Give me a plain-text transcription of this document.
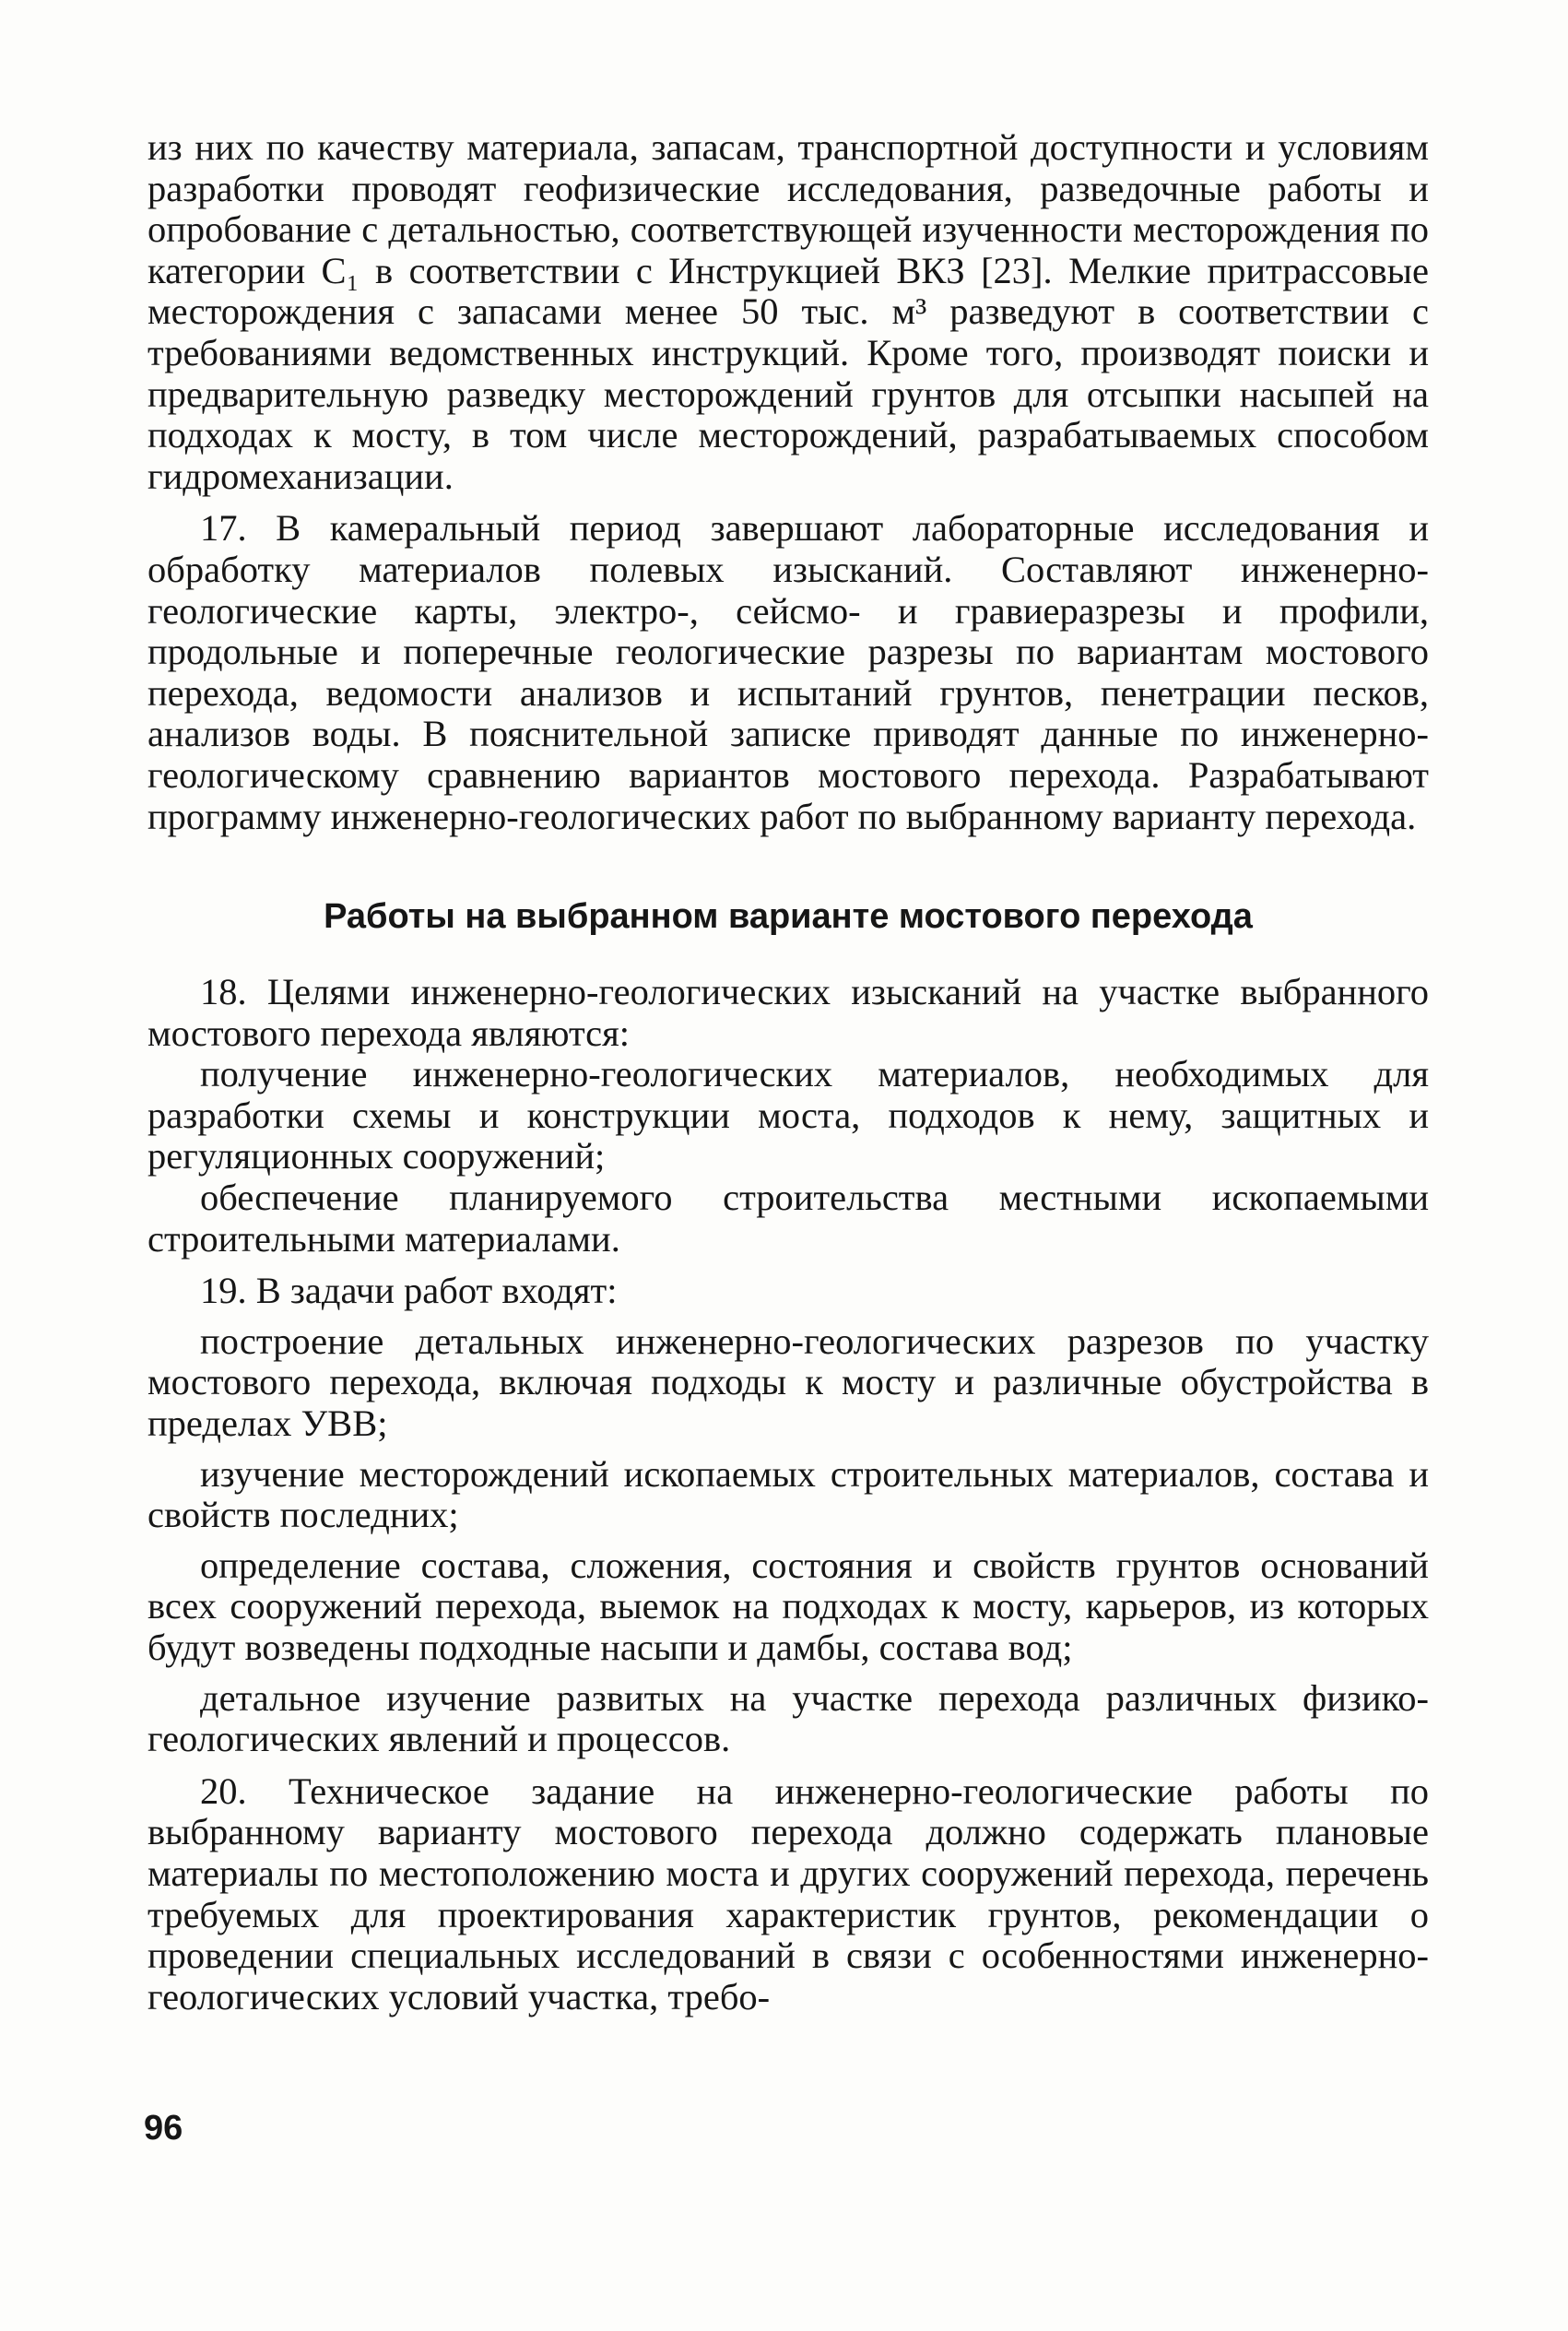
из них по качеству материала, запасам, транспортной доступности и условиям разработки проводят геофизические исследования, разведочные работы и опробование с детальностью, соответствующей изученности месторождения по категории C₁ в соответствии с Инструкцией ВКЗ [23]. Мелкие притрассовые месторождения с запасами менее 50 тыс. м³ разведуют в соответствии с требованиями ведомственных инструкций. Кроме того, производят поиски и предварительную разведку месторождений грунтов для отсыпки насыпей на подходах к мосту, в том числе месторождений, разрабатываемых способом гидромеханизации.

17. В камеральный период завершают лабораторные исследования и обработку материалов полевых изысканий. Составляют инженерно-геологические карты, электро-, сейсмо- и гравиеразрезы и профили, продольные и поперечные геологические разрезы по вариантам мостового перехода, ведомости анализов и испытаний грунтов, пенетрации песков, анализов воды. В пояснительной записке приводят данные по инженерно-геологическому сравнению вариантов мостового перехода. Разрабатывают программу инженерно-геологических работ по выбранному варианту перехода.

Работы на выбранном варианте мостового перехода

18. Целями инженерно-геологических изысканий на участке выбранного мостового перехода являются:

получение инженерно-геологических материалов, необходимых для разработки схемы и конструкции моста, подходов к нему, защитных и регуляционных сооружений;

обеспечение планируемого строительства местными ископаемыми строительными материалами.

19. В задачи работ входят:

построение детальных инженерно-геологических разрезов по участку мостового перехода, включая подходы к мосту и различные обустройства в пределах УВВ;

изучение месторождений ископаемых строительных материалов, состава и свойств последних;

определение состава, сложения, состояния и свойств грунтов оснований всех сооружений перехода, выемок на подходах к мосту, карьеров, из которых будут возведены подходные насыпи и дамбы, состава вод;

детальное изучение развитых на участке перехода различных физико-геологических явлений и процессов.

20. Техническое задание на инженерно-геологические работы по выбранному варианту мостового перехода должно содержать плановые материалы по местоположению моста и других сооружений перехода, перечень требуемых для проектирования характеристик грунтов, рекомендации о проведении специальных исследований в связи с особенностями инженерно-геологических условий участка, требо-

96
